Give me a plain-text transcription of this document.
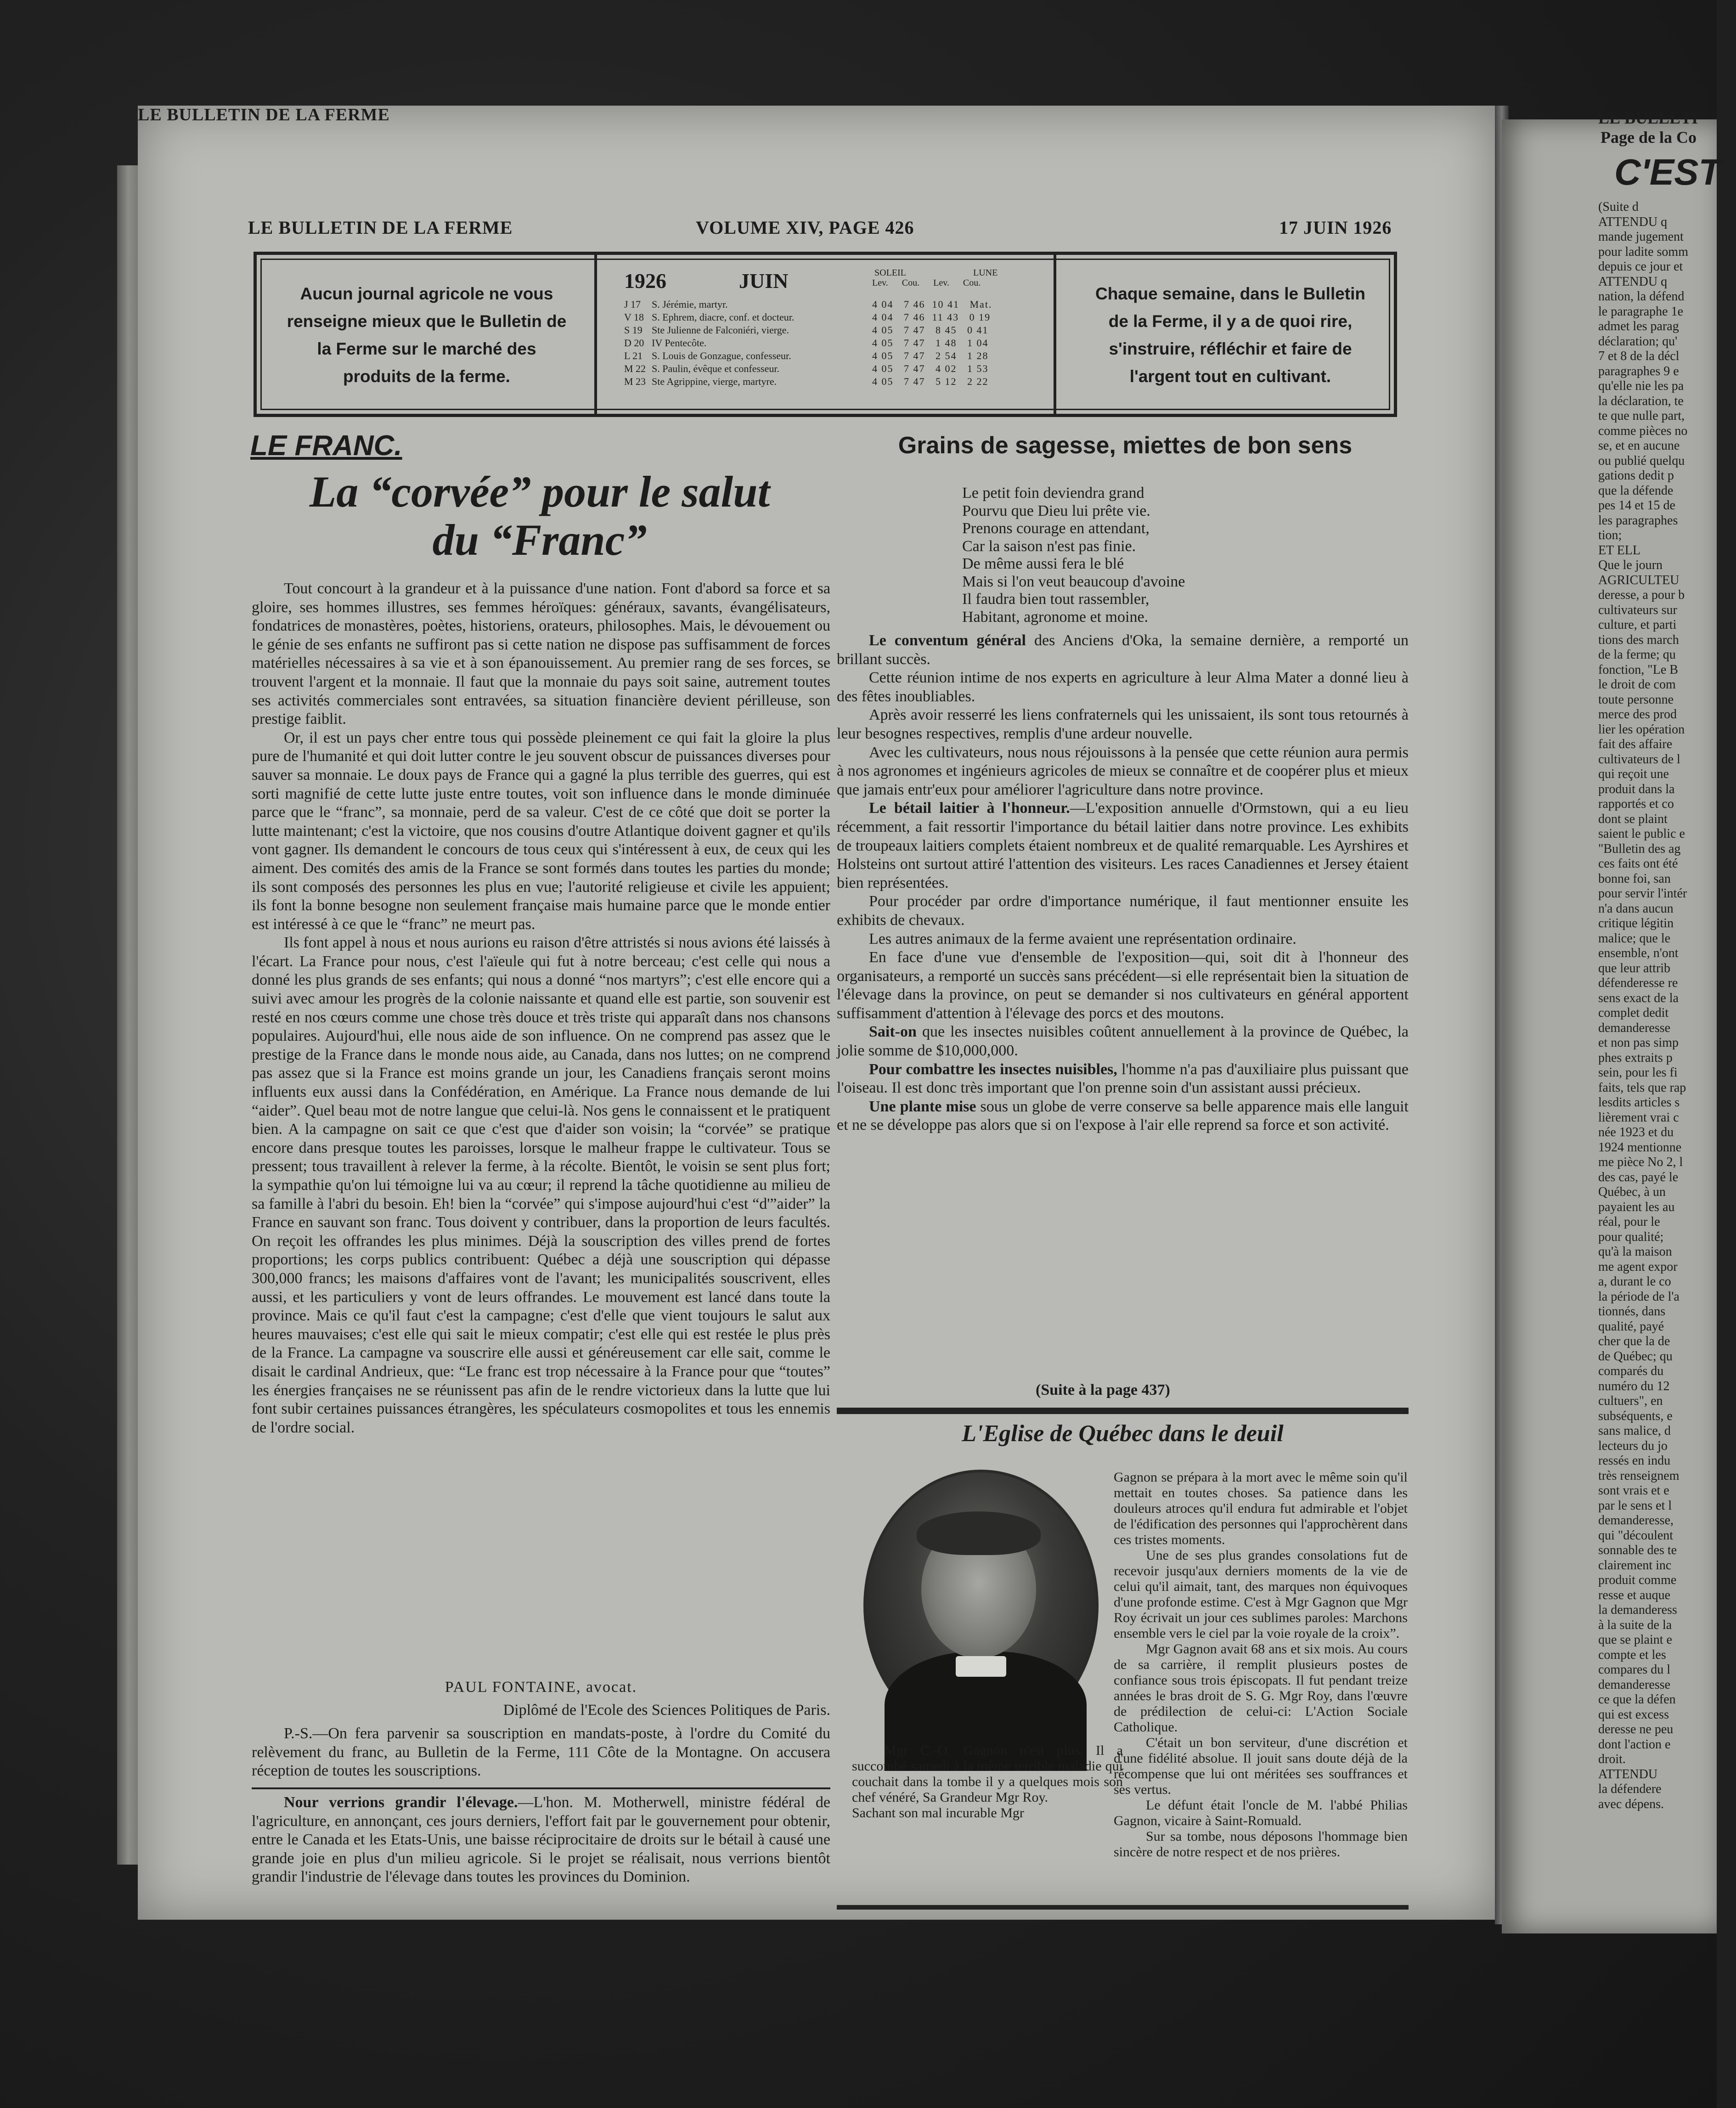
LE BULLETI
Page de la Co
C'EST
(Suite d
ATTENDU q
mande jugement
pour ladite somm
depuis ce jour et
ATTENDU q
nation, la défend
le paragraphe 1e
admet les parag
déclaration; qu'
7 et 8 de la décl
paragraphes 9 e
qu'elle nie les pa
la déclaration, te
te que nulle part,
comme pièces no
se, et en aucune
ou publié quelqu
gations dedit p
que la défende
pes 14 et 15 de
les paragraphes
tion;
ET ELL
Que le journ
AGRICULTEU
deresse, a pour b
cultivateurs sur
culture, et parti
tions des march
de la ferme; qu
fonction, "Le B
le droit de com
toute personne
merce des prod
lier les opération
fait des affaire
cultivateurs de l
qui reçoit une
produit dans la
rapportés et co
dont se plaint
saient le public e
"Bulletin des ag
ces faits ont été
bonne foi, san
pour servir l'intér
n'a dans aucun
critique légitin
malice; que le
ensemble, n'ont
que leur attrib
défenderesse re
sens exact de la
complet dedit
demanderesse
et non pas simp
phes extraits p
sein, pour les fi
faits, tels que rap
lesdits articles s
lièrement vrai c
née 1923 et du
1924 mentionne
me pièce No 2, l
des cas, payé le
Québec, à un
payaient les au
réal, pour le
pour qualité;
qu'à la maison
me agent expor
a, durant le co
la période de l'a
tionnés, dans
qualité, payé
cher que la de
de Québec; qu
comparés du
numéro du 12
cultuers", en
subséquents, e
sans malice, d
lecteurs du jo
ressés en indu
très renseignem
sont vrais et e
par le sens et l
demanderesse,
qui "découlent
sonnable des te
clairement inc
produit comme
resse et auque
la demanderess
à la suite de la
que se plaint e
compte et les
compares du l
demanderesse
ce que la défen
qui est excess
deresse ne peu
dont l'action e
droit.
ATTENDU
la défendere
avec dépens.
LE BULLETIN DE LA FERME
LE BULLETIN DE LA FERME	VOLUME XIV, PAGE 426	17 JUIN 1926
Aucun journal agricole ne vous renseigne mieux que le Bulletin de la Ferme sur le marché des produits de la ferme.
Chaque semaine, dans le Bulletin de la Ferme, il y a de quoi rire, s'instruire, réfléchir et faire de l'argent tout en cultivant.
1926	JUIN	SOLEIL	LUNE
Lev. Cou. Lev. Cou.
J 17 S. Jérémie, martyr.	4 04   7 46  10 41   Mat.
V 18 S. Ephrem, diacre, conf. et docteur.	4 04   7 46  11 43   0 19
S 19 Ste Julienne de Falconiéri, vierge.	4 05   7 47   8 45   0 41
D 20 IV Pentecôte.	4 05   7 47   1 48   1 04
L 21 S. Louis de Gonzague, confesseur.	4 05   7 47   2 54   1 28
M 22 S. Paulin, évêque et confesseur.	4 05   7 47   4 02   1 53
M 23 Ste Agrippine, vierge, martyre.	4 05   7 47   5 12   2 22
LE FRANC.
La “corvée” pour le salut
du “Franc”

Tout concourt à la grandeur et à la puissance d'une nation. Font d'abord sa force et sa gloire, ses hommes illustres, ses femmes héroïques: généraux, savants, évangélisateurs, fondatrices de monastères, poètes, historiens, orateurs, philosophes. Mais, le dévouement ou le génie de ses enfants ne suffiront pas si cette nation ne dispose pas suffisamment de forces matérielles nécessaires à sa vie et à son épanouissement. Au premier rang de ses forces, se trouvent l'argent et la monnaie. Il faut que la monnaie du pays soit saine, autrement toutes ses activités commerciales sont entravées, sa situation financière devient périlleuse, son prestige faiblit.

Or, il est un pays cher entre tous qui possède pleinement ce qui fait la gloire la plus pure de l'humanité et qui doit lutter contre le jeu souvent obscur de puissances diverses pour sauver sa monnaie. Le doux pays de France qui a gagné la plus terrible des guerres, qui est sorti magnifié de cette lutte juste entre toutes, voit son influence dans le monde diminuée parce que le “franc”, sa monnaie, perd de sa valeur. C'est de ce côté que doit se porter la lutte maintenant; c'est la victoire, que nos cousins d'outre Atlantique doivent gagner et qu'ils vont gagner. Ils demandent le concours de tous ceux qui s'intéressent à eux, de ceux qui les aiment. Des comités des amis de la France se sont formés dans toutes les parties du monde; ils sont composés des personnes les plus en vue; l'autorité religieuse et civile les appuient; ils font la bonne besogne non seulement française mais humaine parce que le monde entier est intéressé à ce que le “franc” ne meurt pas.

Ils font appel à nous et nous aurions eu raison d'être attristés si nous avions été laissés à l'écart. La France pour nous, c'est l'aïeule qui fut à notre berceau; c'est celle qui nous a donné les plus grands de ses enfants; qui nous a donné “nos martyrs”; c'est elle encore qui a suivi avec amour les progrès de la colonie naissante et quand elle est partie, son souvenir est resté en nos cœurs comme une chose très douce et très triste qui apparaît dans nos chansons populaires. Aujourd'hui, elle nous aide de son influence. On ne comprend pas assez que le prestige de la France dans le monde nous aide, au Canada, dans nos luttes; on ne comprend pas assez que si la France est moins grande un jour, les Canadiens français seront moins influents eux aussi dans la Confédération, en Amérique. La France nous demande de lui “aider”. Quel beau mot de notre langue que celui-là. Nos gens le connaissent et le pratiquent bien. A la campagne on sait ce que c'est que d'aider son voisin; la “corvée” se pratique encore dans presque toutes les paroisses, lorsque le malheur frappe le cultivateur. Tous se pressent; tous travaillent à relever la ferme, à la récolte. Bientôt, le voisin se sent plus fort; la sympathie qu'on lui témoigne lui va au cœur; il reprend la tâche quotidienne au milieu de sa famille à l'abri du besoin. Eh! bien la “corvée” qui s'impose aujourd'hui c'est “d'”aider” la France en sauvant son franc. Tous doivent y contribuer, dans la proportion de leurs facultés. On reçoit les offrandes les plus minimes. Déjà la souscription des villes prend de fortes proportions; les corps publics contribuent: Québec a déjà une souscription qui dépasse 300,000 francs; les maisons d'affaires vont de l'avant; les municipalités souscrivent, elles aussi, et les particuliers y vont de leurs offrandes. Le mouvement est lancé dans toute la province. Mais ce qu'il faut c'est la campagne; c'est d'elle que vient toujours le salut aux heures mauvaises; c'est elle qui sait le mieux compatir; c'est elle qui est restée le plus près de la France. La campagne va souscrire elle aussi et généreusement car elle sait, comme le disait le cardinal Andrieux, que: “Le franc est trop nécessaire à la France pour que “toutes” les énergies françaises ne se réunissent pas afin de le rendre victorieux dans la lutte que lui font subir certaines puissances étrangères, les spéculateurs cosmopolites et tous les ennemis de l'ordre social.

PAUL FONTAINE, avocat.
Diplômé de l'Ecole des Sciences Politiques de Paris.

P.-S.—On fera parvenir sa souscription en mandats-poste, à l'ordre du Comité du relèvement du franc, au Bulletin de la Ferme, 111 Côte de la Montagne. On accusera réception de toutes les souscriptions.

Nour verrions grandir l'élevage.—L'hon. M. Motherwell, ministre fédéral de l'agriculture, en annonçant, ces jours derniers, l'effort fait par le gouvernement pour obtenir, entre le Canada et les Etats-Unis, une baisse réciprocitaire de droits sur le bétail à causé une grande joie en plus d'un milieu agricole. Si le projet se réalisait, nous verrions bientôt grandir l'industrie de l'élevage dans toutes les provinces du Dominion.

Grains de sagesse, miettes de bon sens
Le petit foin deviendra grand
Pourvu que Dieu lui prête vie.
Prenons courage en attendant,
Car la saison n'est pas finie.
De même aussi fera le blé
Mais si l'on veut beaucoup d'avoine
Il faudra bien tout rassembler,
Habitant, agronome et moine.

Le conventum général des Anciens d'Oka, la semaine dernière, a remporté un brillant succès.

Cette réunion intime de nos experts en agriculture à leur Alma Mater a donné lieu à des fêtes inoubliables.

Après avoir resserré les liens confraternels qui les unissaient, ils sont tous retournés à leur besognes respectives, remplis d'une ardeur nouvelle.

Avec les cultivateurs, nous nous réjouissons à la pensée que cette réunion aura permis à nos agronomes et ingénieurs agricoles de mieux se connaître et de coopérer plus et mieux que jamais entr'eux pour améliorer l'agriculture dans notre province.

Le bétail laitier à l'honneur.—L'exposition annuelle d'Ormstown, qui a eu lieu récemment, a fait ressortir l'importance du bétail laitier dans notre province. Les exhibits de troupeaux laitiers complets étaient nombreux et de qualité remarquable. Les Ayrshires et Holsteins ont surtout attiré l'attention des visiteurs. Les races Canadiennes et Jersey étaient bien représentées.

Pour procéder par ordre d'importance numérique, il faut mentionner ensuite les exhibits de chevaux.

Les autres animaux de la ferme avaient une représentation ordinaire.

En face d'une vue d'ensemble de l'exposition—qui, soit dit à l'honneur des organisateurs, a remporté un succès sans précédent—si elle représentait bien la situation de l'élevage dans la province, on peut se demander si nos cultivateurs en général apportent suffisamment d'attention à l'élevage des porcs et des moutons.

Sait-on que les insectes nuisibles coûtent annuellement à la province de Québec, la jolie somme de $10,000,000.

Pour combattre les insectes nuisibles, l'homme n'a pas d'auxiliaire plus puissant que l'oiseau. Il est donc très important que l'on prenne soin d'un assistant aussi précieux.

Une plante mise sous un globe de verre conserve sa belle apparence mais elle languit et ne se développe pas alors que si on l'expose à l'air elle reprend sa force et son activité.

(Suite à la page 437)
L'Eglise de Québec dans le deuil

Mgr C.-O. Gagnon n'est plus. Il a succombé samedi à la même terrible maladie qui couchait dans la tombe il y a quelques mois son chef vénéré, Sa Grandeur Mgr Roy.

Sachant son mal incurable Mgr

Gagnon se prépara à la mort avec le même soin qu'il mettait en toutes choses. Sa patience dans les douleurs atroces qu'il endura fut admirable et l'objet de l'édification des personnes qui l'approchèrent dans ces tristes moments.

Une de ses plus grandes consolations fut de recevoir jusqu'aux derniers moments de la vie de celui qu'il aimait, tant, des marques non équivoques d'une profonde estime. C'est à Mgr Gagnon que Mgr Roy écrivait un jour ces sublimes paroles: Marchons ensemble vers le ciel par la voie royale de la croix”.

Mgr Gagnon avait 68 ans et six mois. Au cours de sa carrière, il remplit plusieurs postes de confiance sous trois épiscopats. Il fut pendant treize années le bras droit de S. G. Mgr Roy, dans l'œuvre de prédilection de celui-ci: L'Action Sociale Catholique.

C'était un bon serviteur, d'une discrétion et d'une fidélité absolue. Il jouit sans doute déjà de la récompense que lui ont méritées ses souffrances et ses vertus.

Le défunt était l'oncle de M. l'abbé Philias Gagnon, vicaire à Saint-Romuald.

Sur sa tombe, nous déposons l'hommage bien sincère de notre respect et de nos prières.
